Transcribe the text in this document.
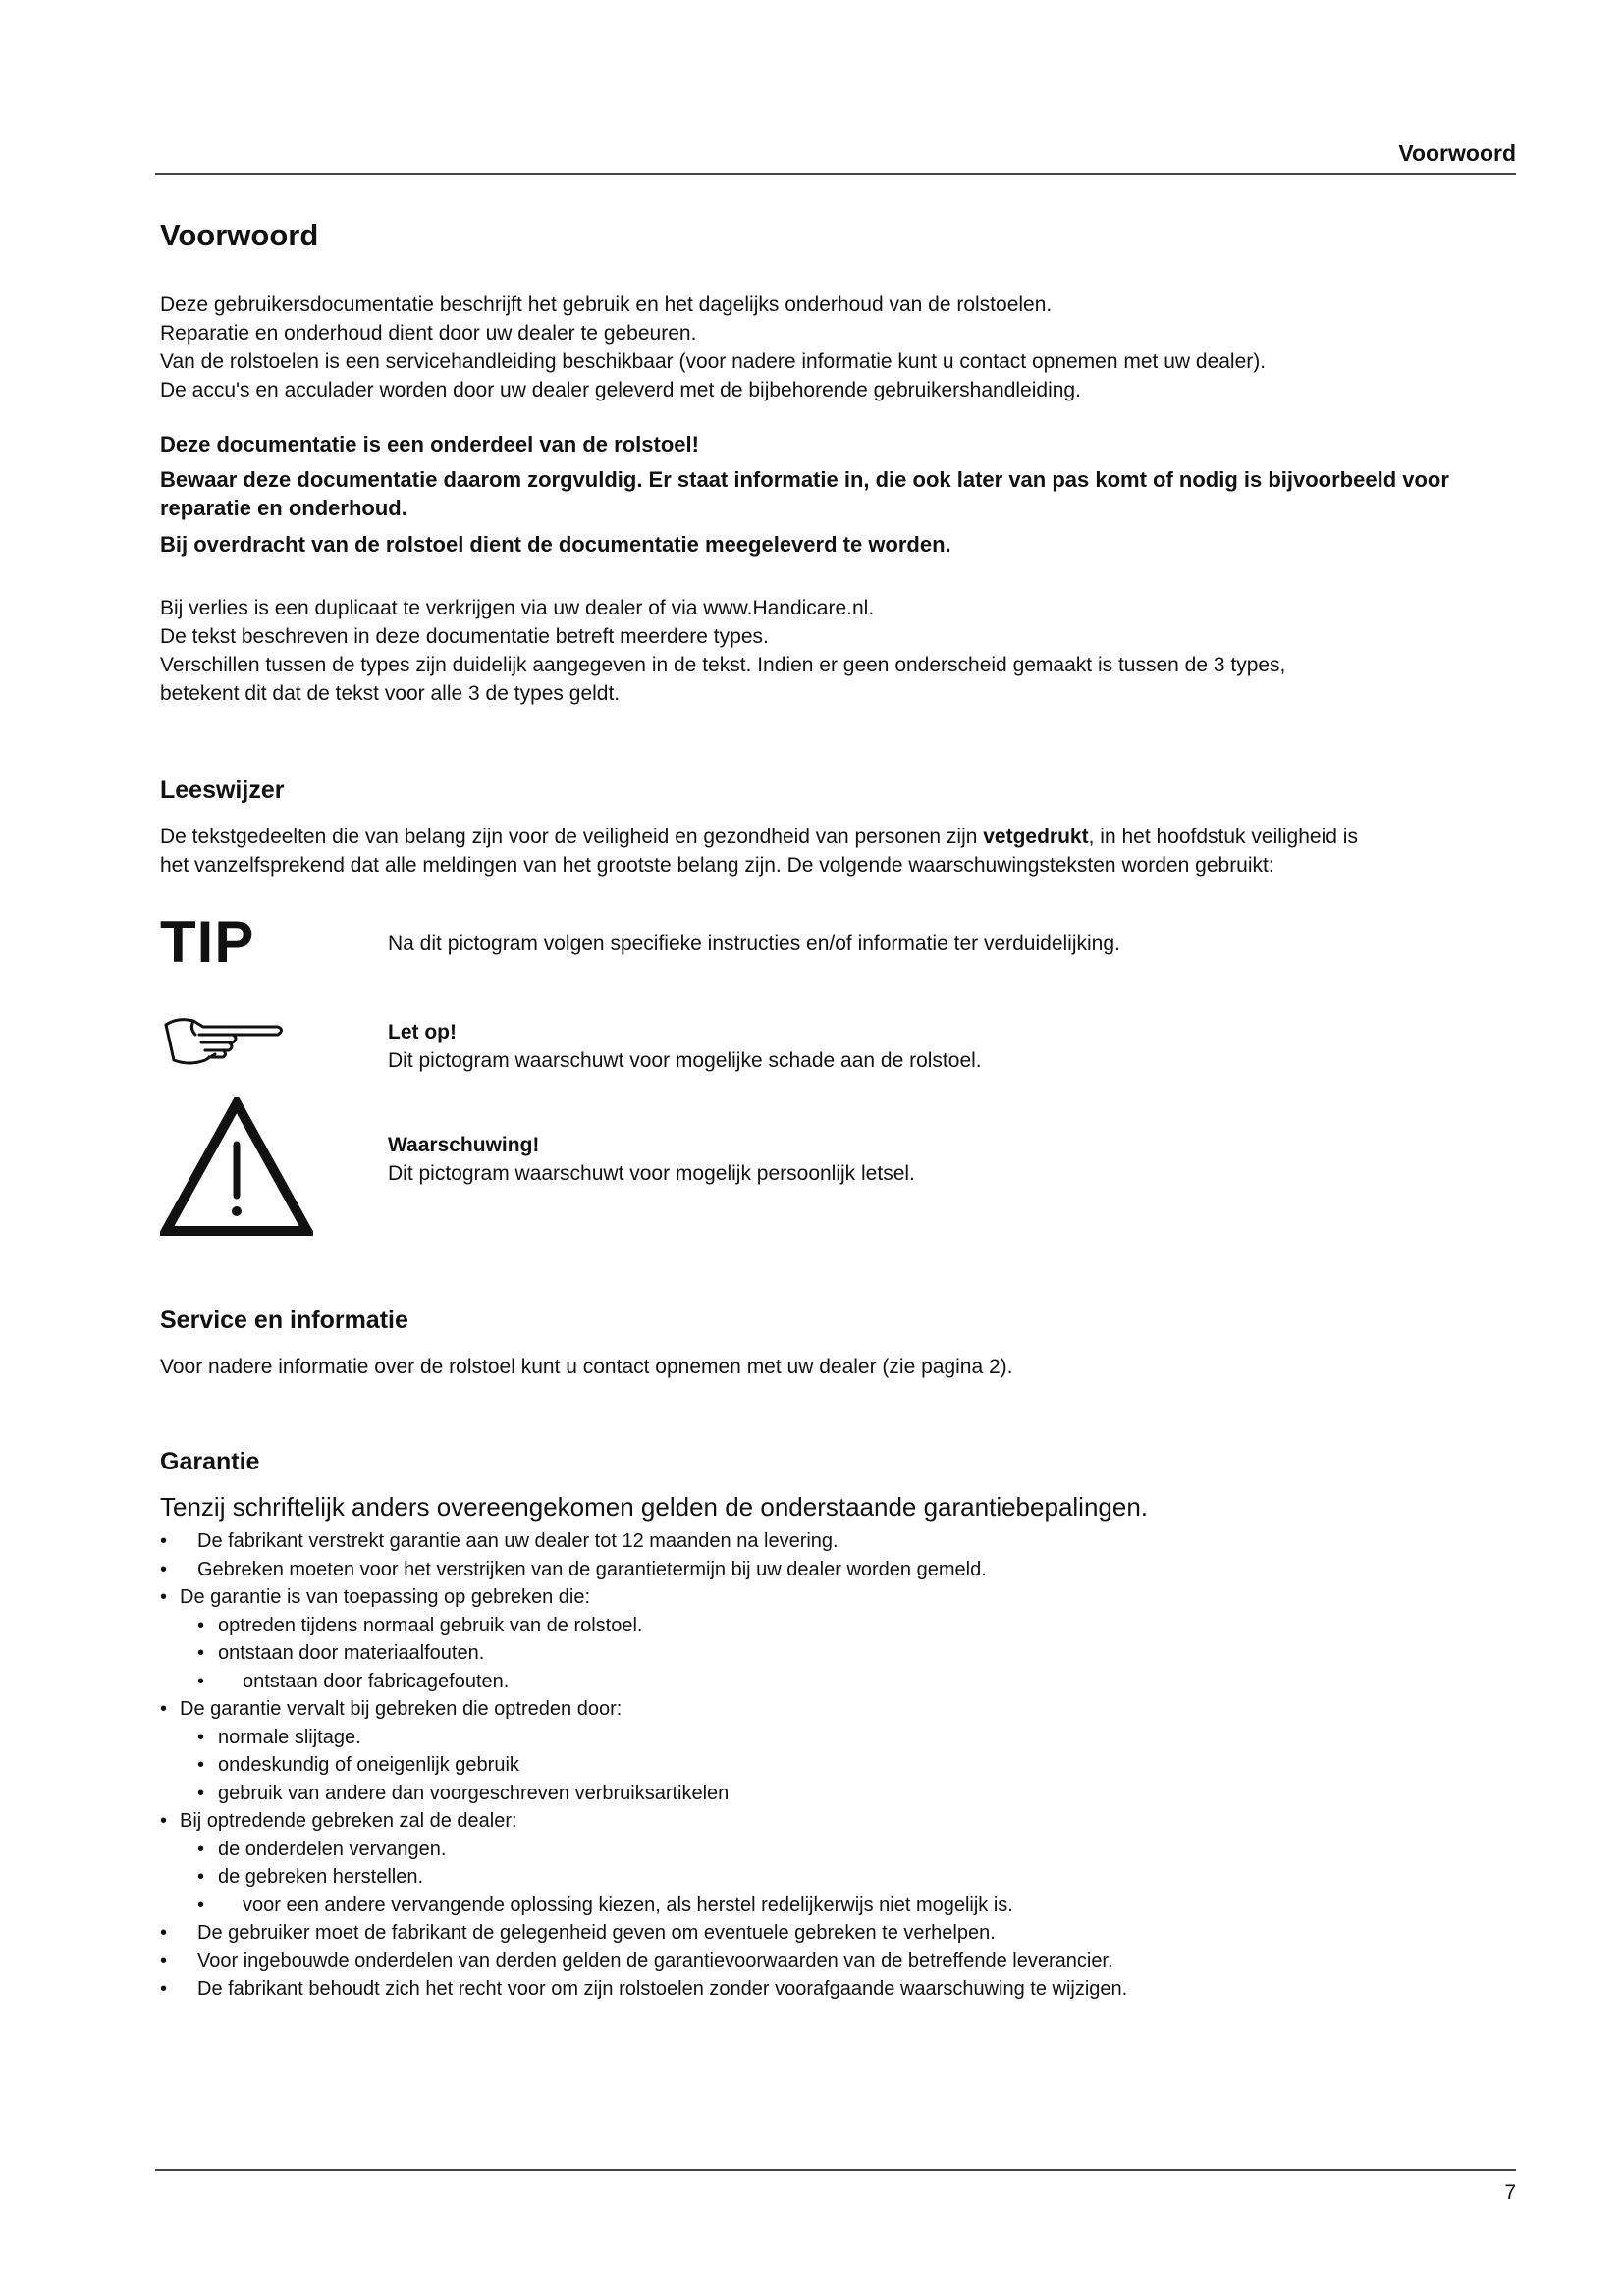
Voorwoord
Voorwoord
Deze gebruikersdocumentatie beschrijft het gebruik en het dagelijks onderhoud van de rolstoelen.
Reparatie en onderhoud dient door uw dealer te gebeuren.
Van de rolstoelen is een servicehandleiding beschikbaar (voor nadere informatie kunt u contact opnemen met uw dealer).
De accu's en acculader worden door uw dealer geleverd met de bijbehorende gebruikershandleiding.
Deze documentatie is een onderdeel van de rolstoel!
Bewaar deze documentatie daarom zorgvuldig. Er staat informatie in, die ook later van pas komt of nodig is bijvoorbeeld voor reparatie en onderhoud.
Bij overdracht van de rolstoel dient de documentatie meegeleverd te worden.
Bij verlies is een duplicaat te verkrijgen via uw dealer of via www.Handicare.nl.
De tekst beschreven in deze documentatie betreft meerdere types.
Verschillen tussen de types zijn duidelijk aangegeven in de tekst. Indien er geen onderscheid gemaakt is tussen de 3 types,
betekent dit dat de tekst voor alle 3 de types geldt.
Leeswijzer
De tekstgedeelten die van belang zijn voor de veiligheid en gezondheid van personen zijn vetgedrukt, in het hoofdstuk veiligheid is
het vanzelfsprekend dat alle meldingen van het grootste belang zijn. De volgende waarschuwingsteksten worden gebruikt:
TIP	Na dit pictogram volgen specifieke instructies en/of informatie ter verduidelijking.
Let op!
Dit pictogram waarschuwt voor mogelijke schade aan de rolstoel.
Waarschuwing!
Dit pictogram waarschuwt voor mogelijk persoonlijk letsel.
Service en informatie
Voor nadere informatie over de rolstoel kunt u contact opnemen met uw dealer (zie pagina 2).
Garantie
Tenzij schriftelijk anders overeengekomen gelden de onderstaande garantiebepalingen.
• De fabrikant verstrekt garantie aan uw dealer tot 12 maanden na levering.
• Gebreken moeten voor het verstrijken van de garantietermijn bij uw dealer worden gemeld.
• De garantie is van toepassing op gebreken die:
• optreden tijdens normaal gebruik van de rolstoel.
• ontstaan door materiaalfouten.
• ontstaan door fabricagefouten.
• De garantie vervalt bij gebreken die optreden door:
• normale slijtage.
• ondeskundig of oneigenlijk gebruik
• gebruik van andere dan voorgeschreven verbruiksartikelen
• Bij optredende gebreken zal de dealer:
• de onderdelen vervangen.
• de gebreken herstellen.
• voor een andere vervangende oplossing kiezen, als herstel redelijkerwijs niet mogelijk is.
• De gebruiker moet de fabrikant de gelegenheid geven om eventuele gebreken te verhelpen.
• Voor ingebouwde onderdelen van derden gelden de garantievoorwaarden van de betreffende leverancier.
• De fabrikant behoudt zich het recht voor om zijn rolstoelen zonder voorafgaande waarschuwing te wijzigen.
7
